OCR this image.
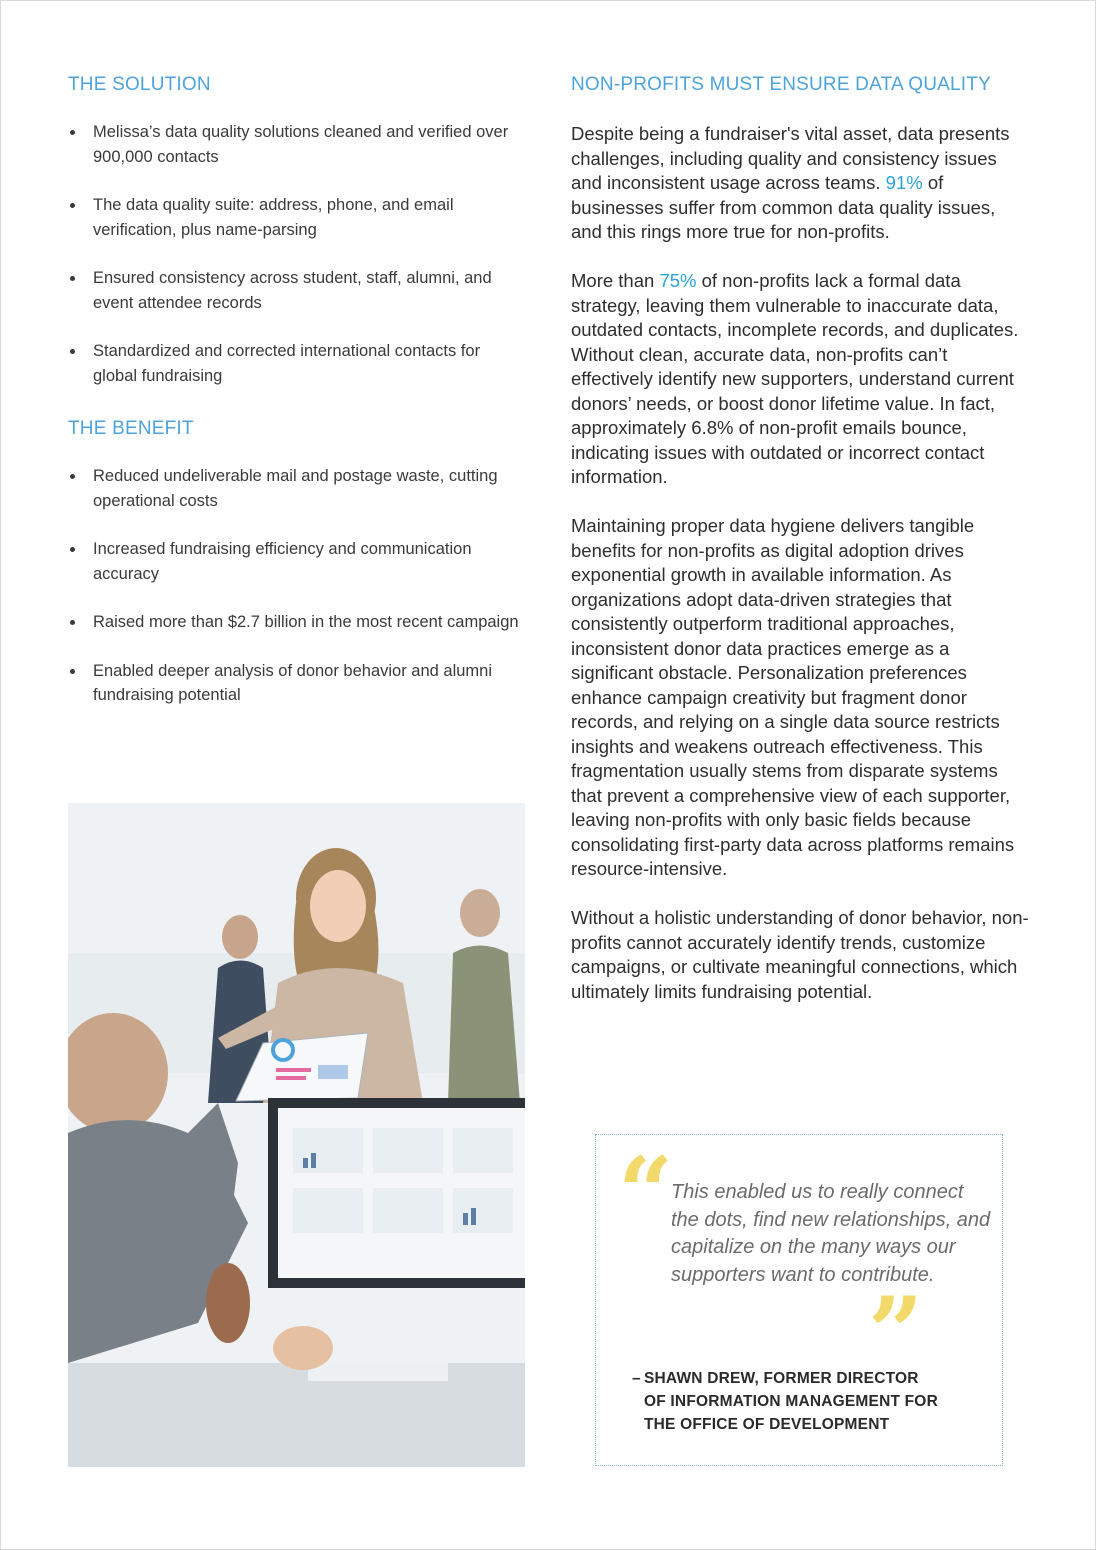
THE SOLUTION
Melissa’s data quality solutions cleaned and verified over 900,000 contacts
The data quality suite: address, phone, and email verification, plus name-parsing
Ensured consistency across student, staff, alumni, and event attendee records
Standardized and corrected international contacts for global fundraising
THE BENEFIT
Reduced undeliverable mail and postage waste, cutting operational costs
Increased fundraising efficiency and communication accuracy
Raised more than $2.7 billion in the most recent campaign
Enabled deeper analysis of donor behavior and alumni fundraising potential
NON-PROFITS MUST ENSURE DATA QUALITY

Despite being a fundraiser's vital asset, data presents challenges, including quality and consistency issues and inconsistent usage across teams. 91% of businesses suffer from common data quality issues, and this rings more true for non-profits.

More than 75% of non-profits lack a formal data strategy, leaving them vulnerable to inaccurate data, outdated contacts, incomplete records, and duplicates. Without clean, accurate data, non-profits can’t effectively identify new supporters, understand current donors’ needs, or boost donor lifetime value. In fact, approximately 6.8% of non-profit emails bounce, indicating issues with outdated or incorrect contact information.

Maintaining proper data hygiene delivers tangible benefits for non-profits as digital adoption drives exponential growth in available information. As organizations adopt data-driven strategies that consistently outperform traditional approaches, inconsistent donor data practices emerge as a significant obstacle. Personalization preferences enhance campaign creativity but fragment donor records, and relying on a single data source restricts insights and weakens outreach effectiveness. This fragmentation usually stems from disparate systems that prevent a comprehensive view of each supporter, leaving non-profits with only basic fields because consolidating first-party data across platforms remains resource-intensive.

Without a holistic understanding of donor behavior, non-profits cannot accurately identify trends, customize campaigns, or cultivate meaningful connections, which ultimately limits fundraising potential.

“
This enabled us to really connect the dots, find new relationships, and capitalize on the many ways our supporters want to contribute.
”
– SHAWN DREW, FORMER DIRECTOR
OF INFORMATION MANAGEMENT FOR
THE OFFICE OF DEVELOPMENT
